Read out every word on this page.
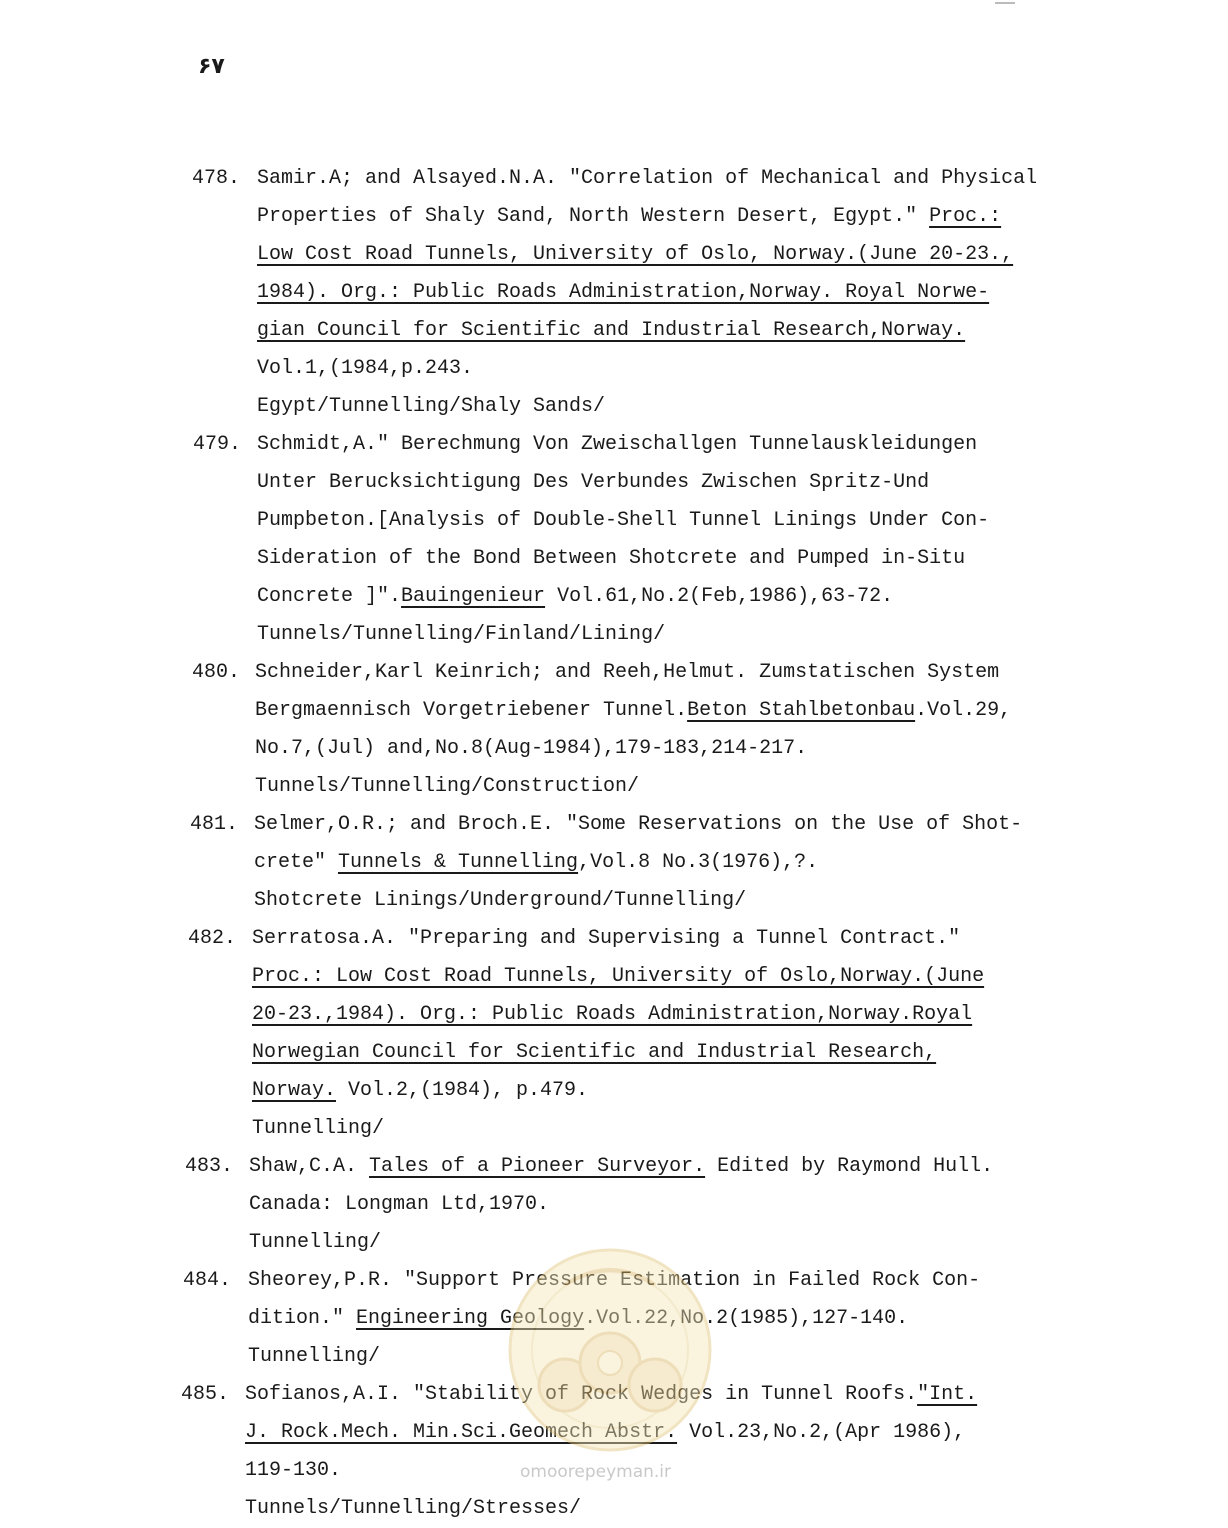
۶۷
478. Samir.A; and Alsayed.N.A. "Correlation of Mechanical and Physical
Properties of Shaly Sand, North Western Desert, Egypt." Proc.:
Low Cost Road Tunnels, University of Oslo, Norway.(June 20-23.,
1984). Org.: Public Roads Administration,Norway. Royal Norwe-
gian Council for Scientific and Industrial Research,Norway.
Vol.1,(1984,p.243.
Egypt/Tunnelling/Shaly Sands/
479. Schmidt,A." Berechmung Von Zweischallgen Tunnelauskleidungen
Unter Berucksichtigung Des Verbundes Zwischen Spritz-Und
Pumpbeton.[Analysis of Double-Shell Tunnel Linings Under Con-
Sideration of the Bond Between Shotcrete and Pumped in-Situ
Concrete ]".Bauingenieur Vol.61,No.2(Feb,1986),63-72.
Tunnels/Tunnelling/Finland/Lining/
480. Schneider,Karl Keinrich; and Reeh,Helmut. Zumstatischen System
Bergmaennisch Vorgetriebener Tunnel.Beton Stahlbetonbau.Vol.29,
No.7,(Jul) and,No.8(Aug-1984),179-183,214-217.
Tunnels/Tunnelling/Construction/
481. Selmer,O.R.; and Broch.E. "Some Reservations on the Use of Shot-
crete" Tunnels & Tunnelling,Vol.8 No.3(1976),?.
Shotcrete Linings/Underground/Tunnelling/
482. Serratosa.A. "Preparing and Supervising a Tunnel Contract."
Proc.: Low Cost Road Tunnels, University of Oslo,Norway.(June
20-23.,1984). Org.: Public Roads Administration,Norway.Royal
Norwegian Council for Scientific and Industrial Research,
Norway. Vol.2,(1984), p.479.
Tunnelling/
483. Shaw,C.A. Tales of a Pioneer Surveyor. Edited by Raymond Hull.
Canada: Longman Ltd,1970.
Tunnelling/
484. Sheorey,P.R. "Support Pressure Estimation in Failed Rock Con-
dition." Engineering Geology.Vol.22,No.2(1985),127-140.
Tunnelling/
485. Sofianos,A.I. "Stability of Rock Wedges in Tunnel Roofs."Int.
J. Rock.Mech. Min.Sci.Geomech Abstr. Vol.23,No.2,(Apr 1986),
119-130.
Tunnels/Tunnelling/Stresses/
omoorepeyman.ir
